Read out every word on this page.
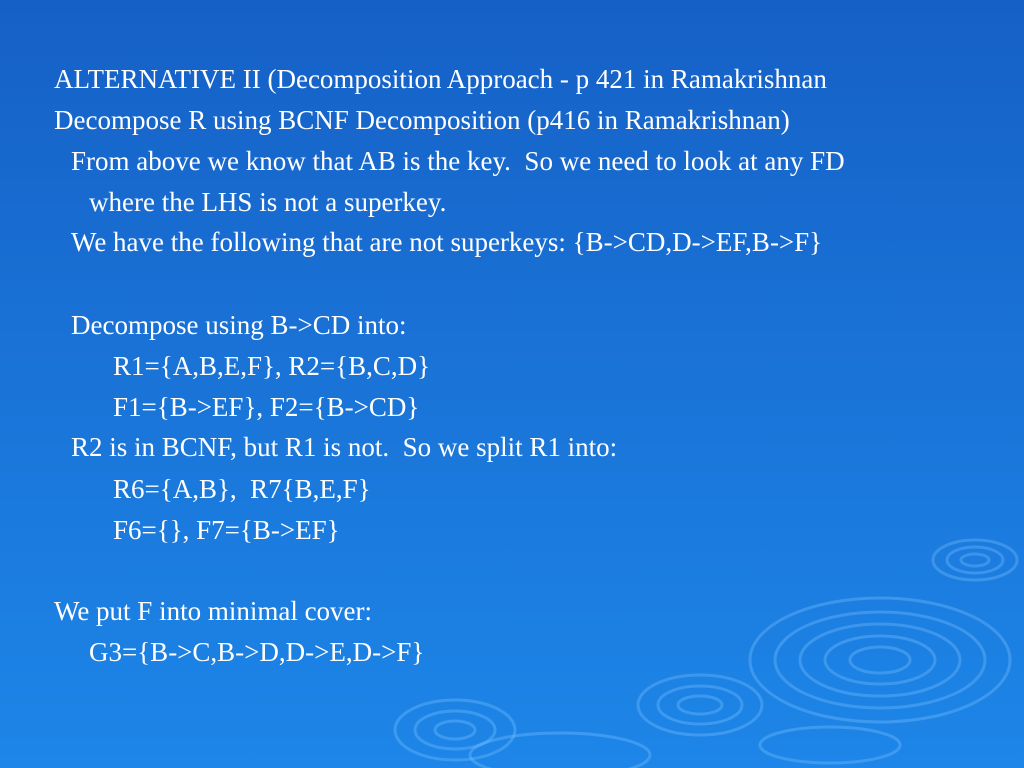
ALTERNATIVE II (Decomposition Approach - p 421 in Ramakrishnan
Decompose R using BCNF Decomposition (p416 in Ramakrishnan)
From above we know that AB is the key.  So we need to look at any FD
where the LHS is not a superkey.
We have the following that are not superkeys: {B->CD,D->EF,B->F}
Decompose using B->CD into:
R1={A,B,E,F}, R2={B,C,D}
F1={B->EF}, F2={B->CD}
R2 is in BCNF, but R1 is not.  So we split R1 into:
R6={A,B},  R7{B,E,F}
F6={}, F7={B->EF}
We put F into minimal cover:
G3={B->C,B->D,D->E,D->F}
